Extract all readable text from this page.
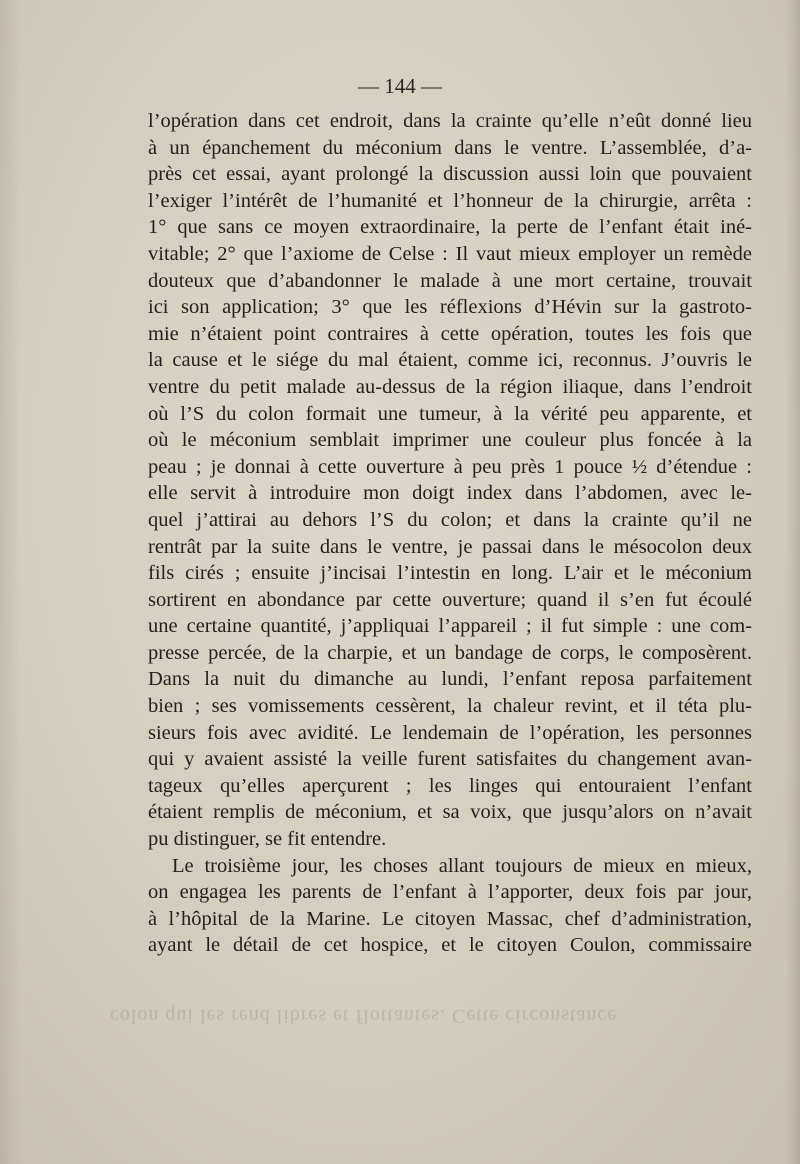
— 144 —
l’opération dans cet endroit, dans la crainte qu’elle n’eût donné lieu
à un épanchement du méconium dans le ventre. L’assemblée, d’a-
près cet essai, ayant prolongé la discussion aussi loin que pouvaient
l’exiger l’intérêt de l’humanité et l’honneur de la chirurgie, arrêta :
1° que sans ce moyen extraordinaire, la perte de l’enfant était iné-
vitable; 2° que l’axiome de Celse : Il vaut mieux employer un remède
douteux que d’abandonner le malade à une mort certaine, trouvait
ici son application; 3° que les réflexions d’Hévin sur la gastroto-
mie n’étaient point contraires à cette opération, toutes les fois que
la cause et le siége du mal étaient, comme ici, reconnus. J’ouvris le
ventre du petit malade au-dessus de la région iliaque, dans l’endroit
où l’S du colon formait une tumeur, à la vérité peu apparente, et
où le méconium semblait imprimer une couleur plus foncée à la
peau ; je donnai à cette ouverture à peu près 1 pouce ½ d’étendue :
elle servit à introduire mon doigt index dans l’abdomen, avec le-
quel j’attirai au dehors l’S du colon; et dans la crainte qu’il ne
rentrât par la suite dans le ventre, je passai dans le mésocolon deux
fils cirés ; ensuite j’incisai l’intestin en long. L’air et le méconium
sortirent en abondance par cette ouverture; quand il s’en fut écoulé
une certaine quantité, j’appliquai l’appareil ; il fut simple : une com-
presse percée, de la charpie, et un bandage de corps, le composèrent.
Dans la nuit du dimanche au lundi, l’enfant reposa parfaitement
bien ; ses vomissements cessèrent, la chaleur revint, et il téta plu-
sieurs fois avec avidité. Le lendemain de l’opération, les personnes
qui y avaient assisté la veille furent satisfaites du changement avan-
tageux qu’elles aperçurent ; les linges qui entouraient l’enfant
étaient remplis de méconium, et sa voix, que jusqu’alors on n’avait
pu distinguer, se fit entendre.
Le troisième jour, les choses allant toujours de mieux en mieux,
on engagea les parents de l’enfant à l’apporter, deux fois par jour,
à l’hôpital de la Marine. Le citoyen Massac, chef d’administration,
ayant le détail de cet hospice, et le citoyen Coulon, commissaire
colon qui les rend libres et flottantes. Cette circonstance
